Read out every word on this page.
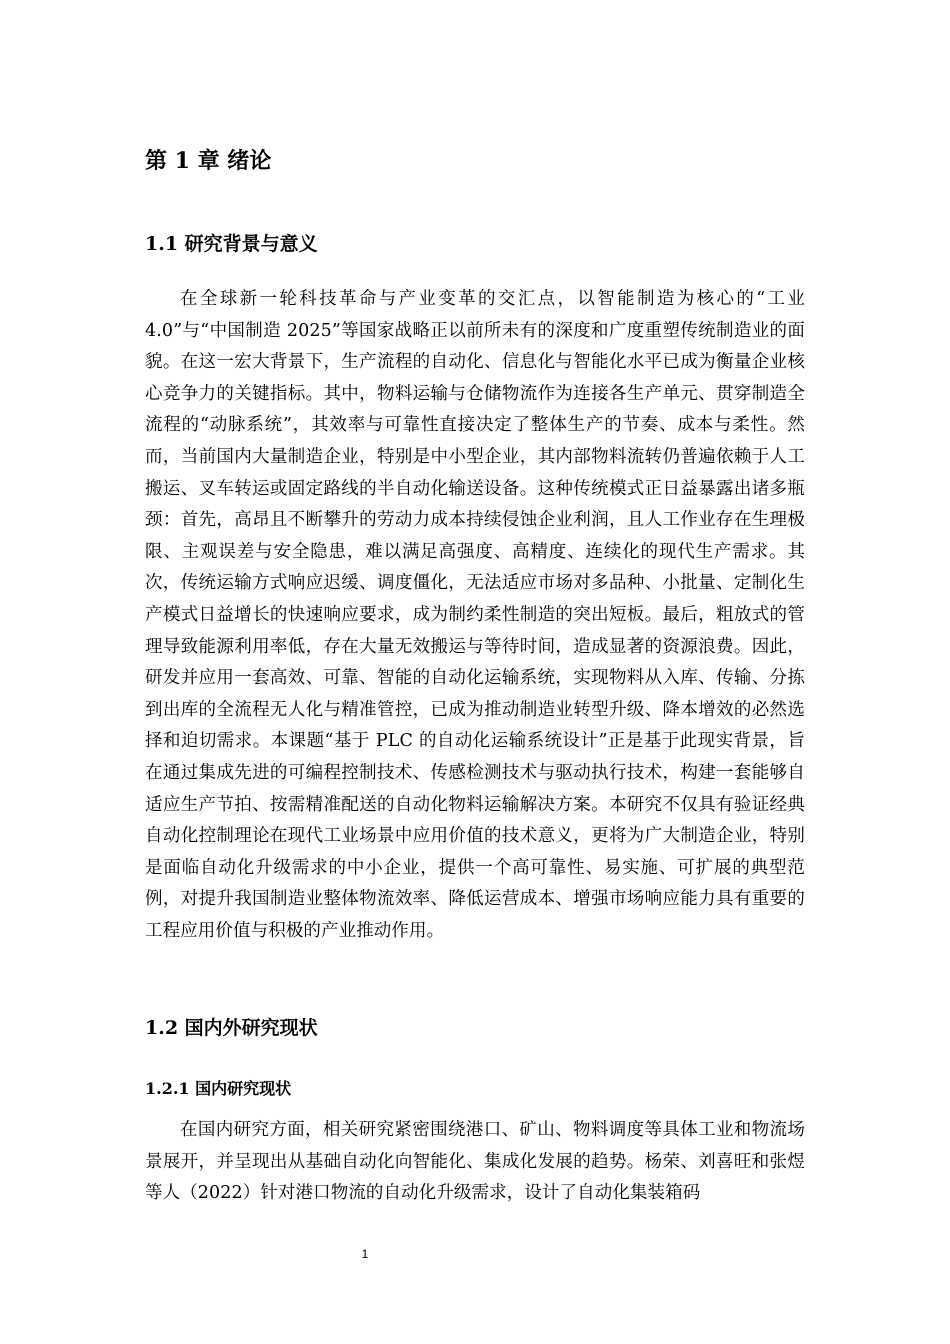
第 1 章 绪论
1.1 研究背景与意义

在全球新一轮科技革命与产业变革的交汇点，以智能制造为核心的“工业4.0”与“中国制造 2025”等国家战略正以前所未有的深度和广度重塑传统制造业的面貌。在这一宏大背景下，生产流程的自动化、信息化与智能化水平已成为衡量企业核心竞争力的关键指标。其中，物料运输与仓储物流作为连接各生产单元、贯穿制造全流程的“动脉系统”，其效率与可靠性直接决定了整体生产的节奏、成本与柔性。然而，当前国内大量制造企业，特别是中小型企业，其内部物料流转仍普遍依赖于人工搬运、叉车转运或固定路线的半自动化输送设备。这种传统模式正日益暴露出诸多瓶颈：首先，高昂且不断攀升的劳动力成本持续侵蚀企业利润，且人工作业存在生理极限、主观误差与安全隐患，难以满足高强度、高精度、连续化的现代生产需求。其次，传统运输方式响应迟缓、调度僵化，无法适应市场对多品种、小批量、定制化生产模式日益增长的快速响应要求，成为制约柔性制造的突出短板。最后，粗放式的管理导致能源利用率低，存在大量无效搬运与等待时间，造成显著的资源浪费。因此，研发并应用一套高效、可靠、智能的自动化运输系统，实现物料从入库、传输、分拣到出库的全流程无人化与精准管控，已成为推动制造业转型升级、降本增效的必然选择和迫切需求。本课题“基于 PLC 的自动化运输系统设计”正是基于此现实背景，旨在通过集成先进的可编程控制技术、传感检测技术与驱动执行技术，构建一套能够自适应生产节拍、按需精准配送的自动化物料运输解决方案。本研究不仅具有验证经典自动化控制理论在现代工业场景中应用价值的技术意义，更将为广大制造企业，特别是面临自动化升级需求的中小企业，提供一个高可靠性、易实施、可扩展的典型范例，对提升我国制造业整体物流效率、降低运营成本、增强市场响应能力具有重要的工程应用价值与积极的产业推动作用。

1.2 国内外研究现状
1.2.1 国内研究现状

在国内研究方面，相关研究紧密围绕港口、矿山、物料调度等具体工业和物流场景展开，并呈现出从基础自动化向智能化、集成化发展的趋势。杨荣、刘喜旺和张煜等人（2022）针对港口物流的自动化升级需求，设计了自动化集装箱码

1
